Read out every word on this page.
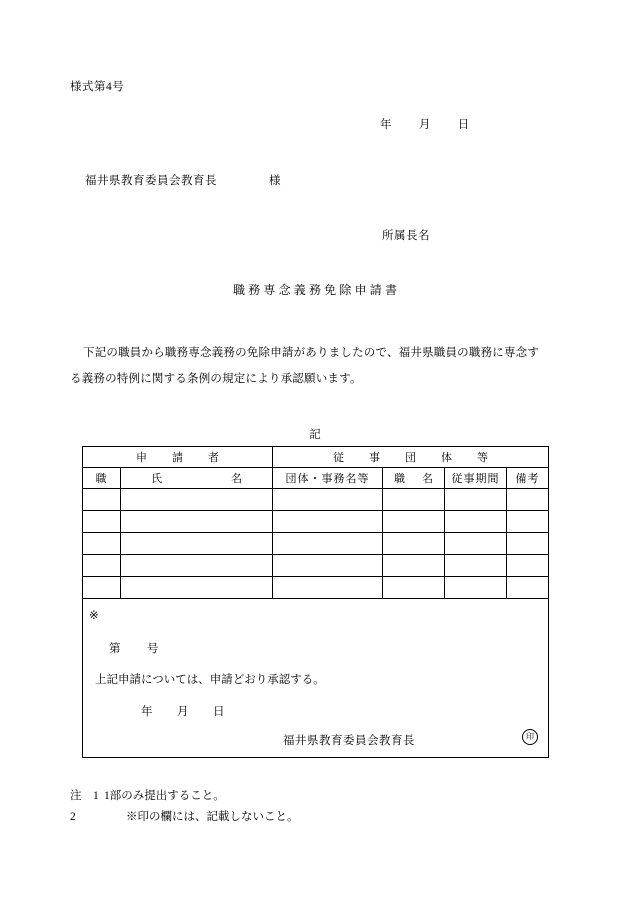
様式第4号
年 月 日
福井県教育委員会教育長	様
所属長名
職務専念義務免除申請書

下記の職員から職務専念義務の免除申請がありましたので、福井県職員の職務に専念す

る義務の特例に関する条例の規定により承認願います。

記
申　請　者		従　事　団　体　等			
職	氏　　　名	団体・事務名等	職　名	従事期間	備考

※
第 号
上記申請については、申請どおり承認する。
年 月 日
福井県教育委員会教育長	印
注　1 1部のみ提出すること。
2	※印の欄には、記載しないこと。
